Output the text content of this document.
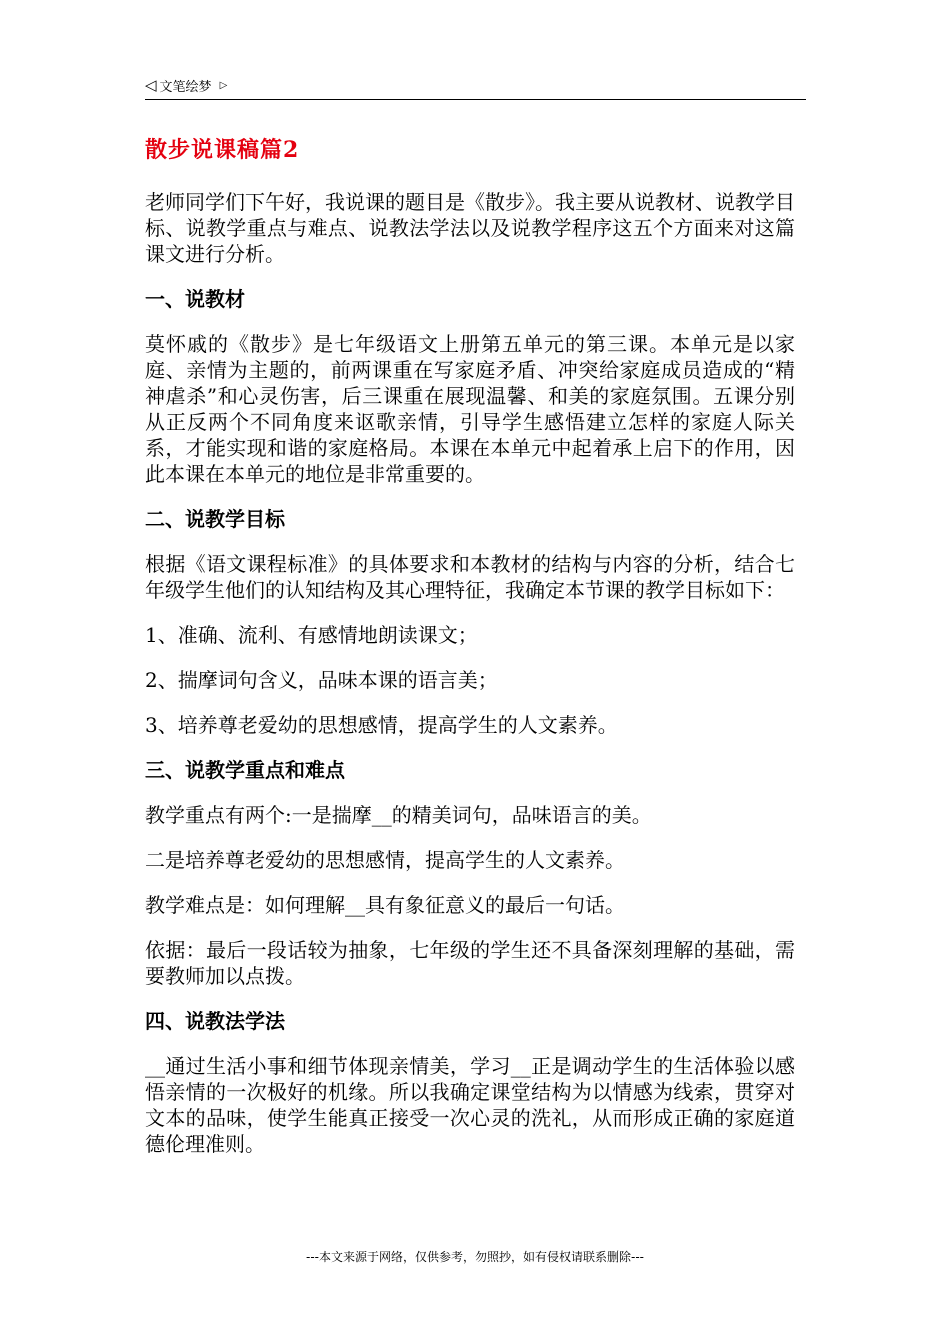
◁ 文笔绘梦 ▷
散步说课稿篇2

老师同学们下午好，我说课的题目是《散步》。我主要从说教材、说教学目标、说教学重点与难点、说教法学法以及说教学程序这五个方面来对这篇课文进行分析。

一、说教材

莫怀戚的《散步》是七年级语文上册第五单元的第三课。本单元是以家庭、亲情为主题的，前两课重在写家庭矛盾、冲突给家庭成员造成的“精神虐杀”和心灵伤害，后三课重在展现温馨、和美的家庭氛围。五课分别从正反两个不同角度来讴歌亲情，引导学生感悟建立怎样的家庭人际关系，才能实现和谐的家庭格局。本课在本单元中起着承上启下的作用，因此本课在本单元的地位是非常重要的。

二、说教学目标

根据《语文课程标准》的具体要求和本教材的结构与内容的分析，结合七年级学生他们的认知结构及其心理特征，我确定本节课的教学目标如下：

1、准确、流利、有感情地朗读课文；

2、揣摩词句含义，品味本课的语言美；

3、培养尊老爱幼的思想感情，提高学生的人文素养。

三、说教学重点和难点

教学重点有两个:一是揣摩__的精美词句，品味语言的美。

二是培养尊老爱幼的思想感情，提高学生的人文素养。

教学难点是：如何理解__具有象征意义的最后一句话。

依据：最后一段话较为抽象，七年级的学生还不具备深刻理解的基础，需要教师加以点拨。

四、说教法学法

__通过生活小事和细节体现亲情美，学习__正是调动学生的生活体验以感悟亲情的一次极好的机缘。所以我确定课堂结构为以情感为线索，贯穿对文本的品味，使学生能真正接受一次心灵的洗礼，从而形成正确的家庭道德伦理准则。

---本文来源于网络，仅供参考，勿照抄，如有侵权请联系删除---
